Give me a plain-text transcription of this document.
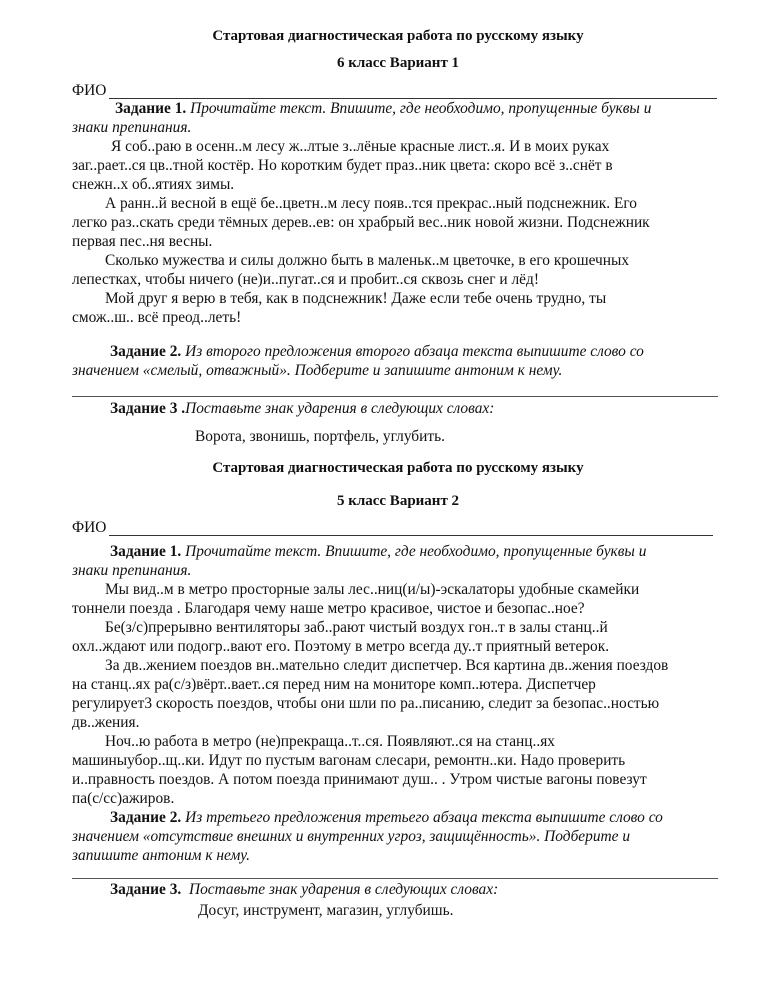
Стартовая диагностическая работа по русскому языку
6 класс Вариант 1
ФИО
Задание 1. Прочитайте текст. Впишите, где необходимо, пропущенные буквы и
знаки препинания.
Я соб..раю в осенн..м лесу ж..лтые з..лёные красные лист..я. И в моих руках
заг..рает..ся цв..тной костёр. Но коротким будет праз..ник цвета: скоро всё з..снёт в
снежн..х об..ятиях зимы.
А ранн..й весной в ещё бе..цветн..м лесу появ..тся прекрас..ный подснежник. Его
легко раз..скать среди тёмных дерев..ев: он храбрый вес..ник новой жизни. Подснежник
первая пес..ня весны.
Сколько мужества и силы должно быть в маленьк..м цветочке, в его крошечных
лепестках, чтобы ничего (не)и..пугат..ся и пробит..ся сквозь снег и лёд!
Мой друг я верю в тебя, как в подснежник! Даже если тебе очень трудно, ты
смож..ш.. всё преод..леть!
Задание 2. Из второго предложения второго абзаца текста выпишите слово со
значением «смелый, отважный». Подберите и запишите антоним к нему.
Задание 3 .Поставьте знак ударения в следующих словах:
Ворота, звонишь, портфель, углубить.
Стартовая диагностическая работа по русскому языку
5 класс Вариант 2
ФИО
Задание 1. Прочитайте текст. Впишите, где необходимо, пропущенные буквы и
знаки препинания.
Мы вид..м в метро просторные залы лес..ниц(и/ы)-эскалаторы удобные скамейки
тоннели поезда . Благодаря чему наше метро красивое, чистое и безопас..ное?
Бе(з/с)прерывно вентиляторы заб..рают чистый воздух гон..т в залы станц..й
охл..ждают или подогр..вают его. Поэтому в метро всегда ду..т приятный ветерок.
За дв..жением поездов вн..мательно следит диспетчер. Вся картина дв..жения поездов
на станц..ях ра(с/з)вёрт..вает..ся перед ним на мониторе комп..ютера. Диспетчер
регулирует3 скорость поездов, чтобы они шли по ра..писанию, следит за безопас..ностью
дв..жения.
Ноч..ю работа в метро (не)прекраща..т..ся. Появляют..ся на станц..ях
машиныубор..щ..ки. Идут по пустым вагонам слесари, ремонтн..ки. Надо проверить
и..правность поездов. А потом поезда принимают душ.. . Утром чистые вагоны повезут
па(с/сс)ажиров.
Задание 2. Из третьего предложения третьего абзаца текста выпишите слово со
значением «отсутствие внешних и внутренних угроз, защищённость». Подберите и
запишите антоним к нему.
Задание 3.  Поставьте знак ударения в следующих словах:
Досуг, инструмент, магазин, углубишь.
